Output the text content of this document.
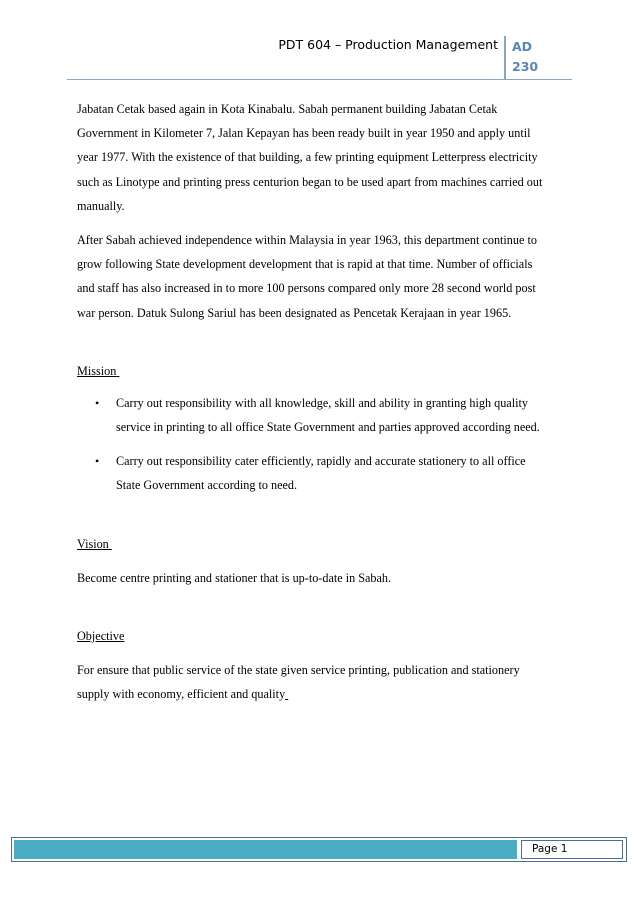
PDT 604 – Production Management AD
230

Jabatan Cetak based again in Kota Kinabalu. Sabah permanent building Jabatan Cetak Government in Kilometer 7, Jalan Kepayan has been ready built in year 1950 and apply until year 1977. With the existence of that building, a few printing equipment Letterpress electricity such as Linotype and printing press centurion began to be used apart from machines carried out manually.

After Sabah achieved independence within Malaysia in year 1963, this department continue to grow following State development development that is rapid at that time. Number of officials and staff has also increased in to more 100 persons compared only more 28 second world post war person. Datuk Sulong Sariul has been designated as Pencetak Kerajaan in year 1965.

Mission

• Carry out responsibility with all knowledge, skill and ability in granting high quality service in printing to all office State Government and parties approved according need.
• Carry out responsibility cater efficiently, rapidly and accurate stationery to all office State Government according to need.

Vision

Become centre printing and stationer that is up-to-date in Sabah.

Objective

For ensure that public service of the state given service printing, publication and stationery supply with economy, efficient and quality

Page 1
